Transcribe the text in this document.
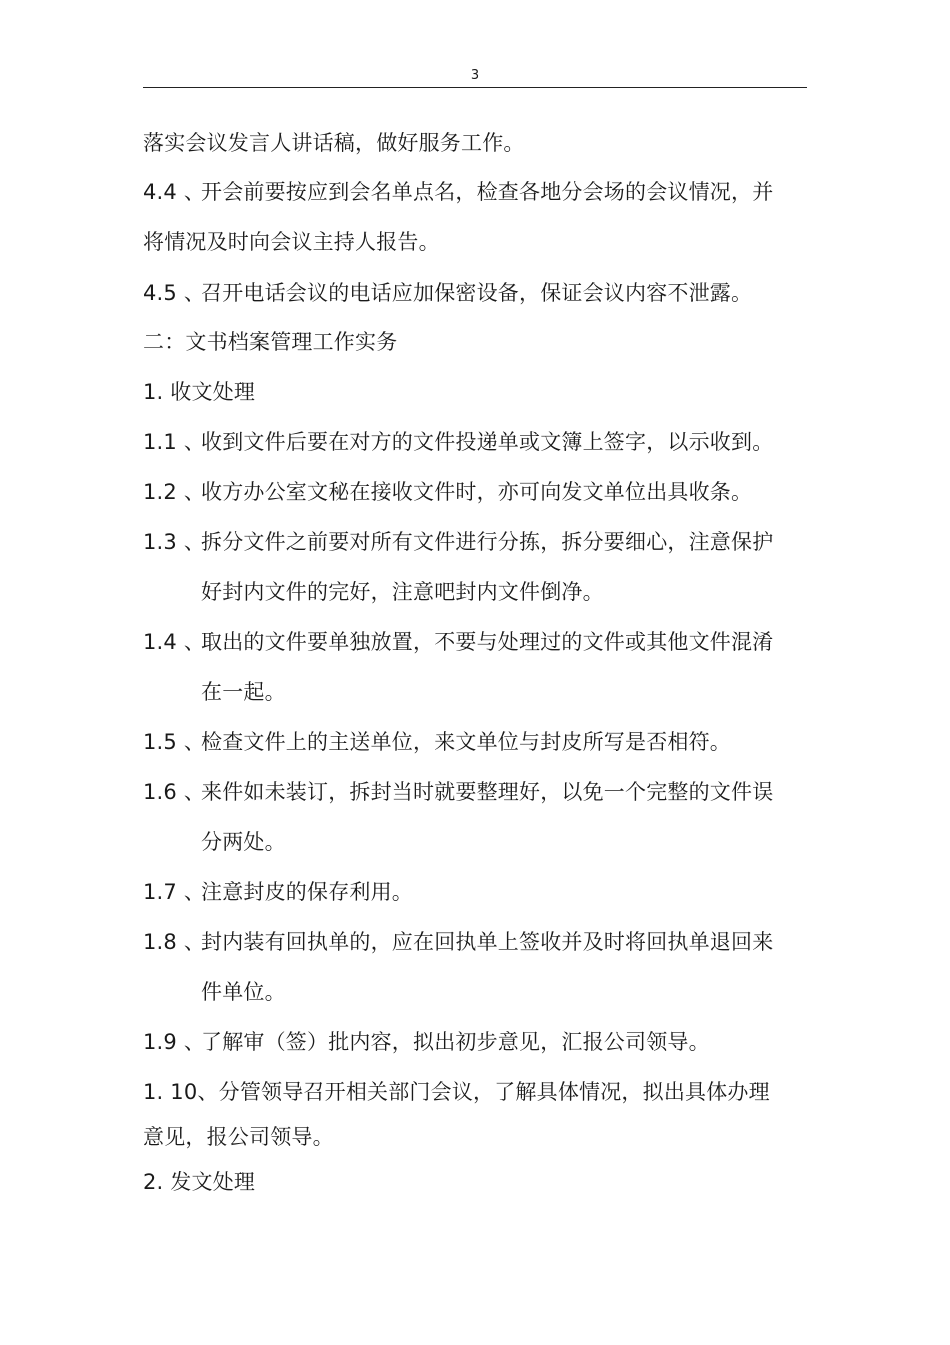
3
落实会议发言人讲话稿，做好服务工作。
4.4 、开会前要按应到会名单点名，检查各地分会场的会议情况，并
将情况及时向会议主持人报告。
4.5 、召开电话会议的电话应加保密设备，保证会议内容不泄露。
二：文书档案管理工作实务
1. 收文处理
1.1 、收到文件后要在对方的文件投递单或文簿上签字，以示收到。
1.2 、收方办公室文秘在接收文件时，亦可向发文单位出具收条。
1.3 、拆分文件之前要对所有文件进行分拣，拆分要细心，注意保护
好封内文件的完好，注意吧封内文件倒净。
1.4 、取出的文件要单独放置，不要与处理过的文件或其他文件混淆
在一起。
1.5 、检查文件上的主送单位，来文单位与封皮所写是否相符。
1.6 、来件如未装订，拆封当时就要整理好，以免一个完整的文件误
分两处。
1.7 、注意封皮的保存利用。
1.8 、封内装有回执单的，应在回执单上签收并及时将回执单退回来
件单位。
1.9 、了解审（签）批内容，拟出初步意见，汇报公司领导。
1. 10、分管领导召开相关部门会议，了解具体情况，拟出具体办理
意见，报公司领导。
2. 发文处理
